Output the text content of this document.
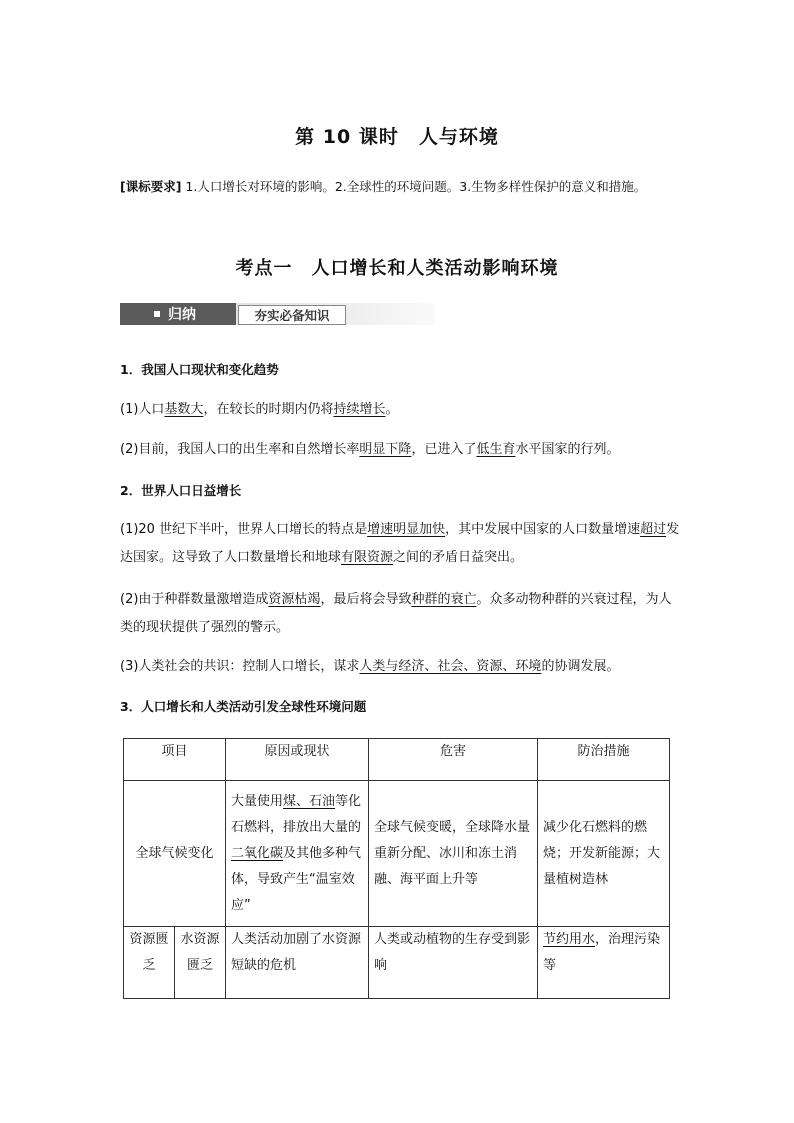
第 10 课时　人与环境
[课标要求] 1.人口增长对环境的影响。2.全球性的环境问题。3.生物多样性保护的意义和措施。
考点一　人口增长和人类活动影响环境
归纳	夯实必备知识
1．我国人口现状和变化趋势
(1)人口基数大，在较长的时期内仍将持续增长。
(2)目前，我国人口的出生率和自然增长率明显下降，已进入了低生育水平国家的行列。
2．世界人口日益增长
(1)20 世纪下半叶，世界人口增长的特点是增速明显加快，其中发展中国家的人口数量增速超过发达国家。这导致了人口数量增长和地球有限资源之间的矛盾日益突出。
(2)由于种群数量激增造成资源枯竭，最后将会导致种群的衰亡。众多动物种群的兴衰过程，为人类的现状提供了强烈的警示。
(3)人类社会的共识：控制人口增长，谋求人类与经济、社会、资源、环境的协调发展。
3．人口增长和人类活动引发全球性环境问题
项目		原因或现状	危害	防治措施
全球气候变化		大量使用煤、石油等化石燃料，排放出大量的二氧化碳及其他多种气体，导致产生“温室效应”	全球气候变暖，全球降水量重新分配、冰川和冻土消融、海平面上升等	减少化石燃料的燃烧；开发新能源；大量植树造林
资源匮乏	水资源匮乏	人类活动加剧了水资源短缺的危机	人类或动植物的生存受到影响	节约用水，治理污染等
